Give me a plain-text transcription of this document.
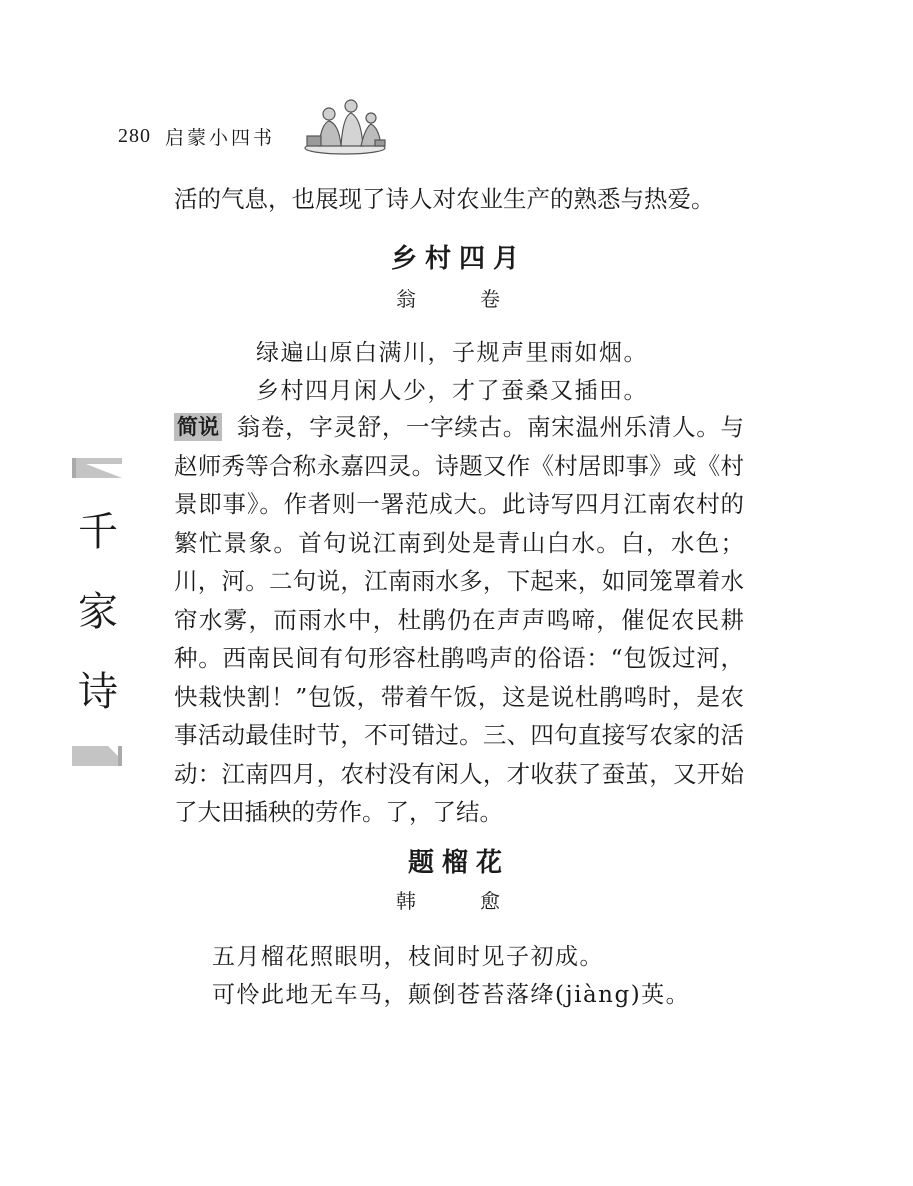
280 启蒙小四书
千
家
诗
活的气息，也展现了诗人对农业生产的熟悉与热爱。
乡村四月
翁　卷
绿遍山原白满川，子规声里雨如烟。
乡村四月闲人少，才了蚕桑又插田。
简说 翁卷，字灵舒，一字续古。南宋温州乐清人。与赵师秀等合称永嘉四灵。诗题又作《村居即事》或《村景即事》。作者则一署范成大。此诗写四月江南农村的繁忙景象。首句说江南到处是青山白水。白，水色；川，河。二句说，江南雨水多，下起来，如同笼罩着水帘水雾，而雨水中，杜鹃仍在声声鸣啼，催促农民耕种。西南民间有句形容杜鹃鸣声的俗语：“包饭过河，快栽快割！”包饭，带着午饭，这是说杜鹃鸣时，是农事活动最佳时节，不可错过。三、四句直接写农家的活动：江南四月，农村没有闲人，才收获了蚕茧，又开始了大田插秧的劳作。了，了结。
题榴花
韩　愈
五月榴花照眼明，枝间时见子初成。
可怜此地无车马，颠倒苍苔落绛(jiàng)英。
